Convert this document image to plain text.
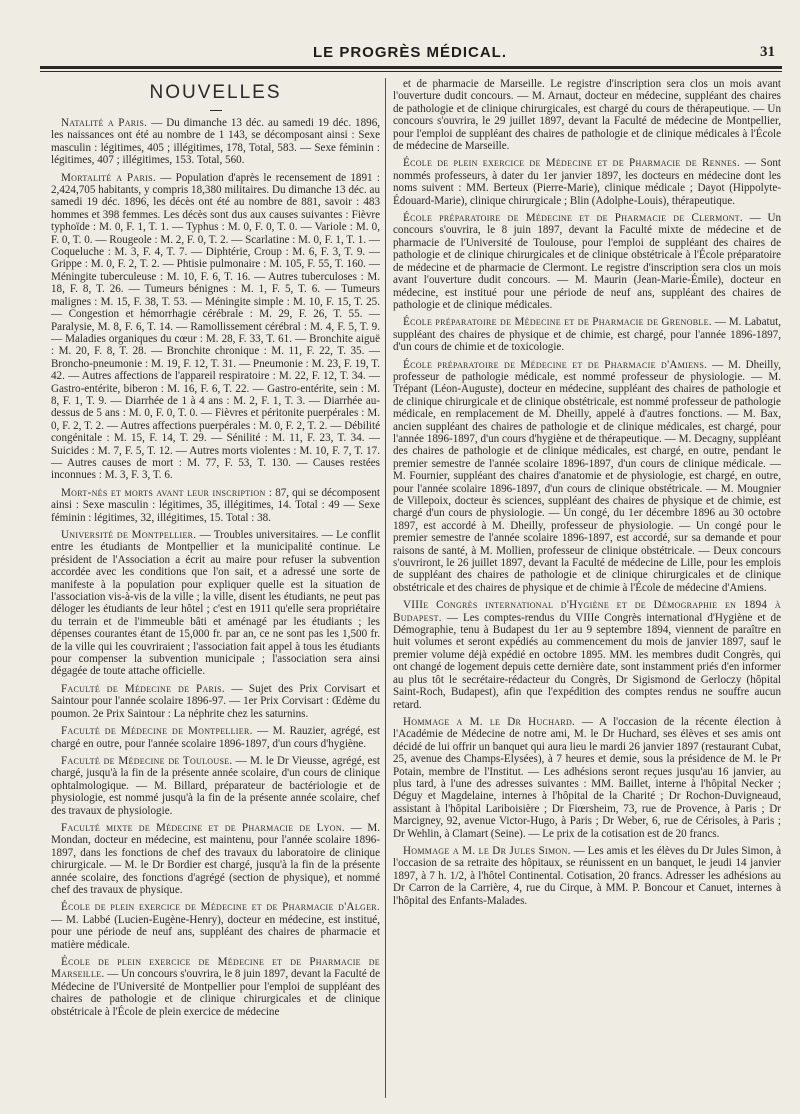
LE PROGRÈS MÉDICAL.	31
NOUVELLES

Natalité a Paris. — Du dimanche 13 déc. au samedi 19 déc. 1896, les naissances ont été au nombre de 1 143, se décomposant ainsi : Sexe masculin : légitimes, 405 ; illégitimes, 178, Total, 583. — Sexe féminin : légitimes, 407 ; illégitimes, 153. Total, 560.

Mortalité a Paris. — Population d'après le recensement de 1891 : 2,424,705 habitants, y compris 18,380 militaires. Du dimanche 13 déc. au samedi 19 déc. 1896, les décès ont été au nombre de 881, savoir : 483 hommes et 398 femmes. Les décès sont dus aux causes suivantes : Fièvre typhoïde : M. 0, F. 1, T. 1. — Typhus : M. 0, F. 0, T. 0. — Variole : M. 0, F. 0, T. 0. — Rougeole : M. 2, F. 0, T. 2. — Scarlatine : M. 0, F. 1, T. 1. — Coqueluche : M. 3, F. 4, T. 7. — Diphtérie, Croup : M. 6, F. 3, T. 9. — Grippe : M. 0, F. 2, T. 2. — Phtisie pulmonaire : M. 105, F. 55, T. 160. — Méningite tuberculeuse : M. 10, F. 6, T. 16. — Autres tuberculoses : M. 18, F. 8, T. 26. — Tumeurs bénignes : M. 1, F. 5, T. 6. — Tumeurs malignes : M. 15, F. 38, T. 53. — Méningite simple : M. 10, F. 15, T. 25. — Congestion et hémorrhagie cérébrale : M. 29, F. 26, T. 55. — Paralysie, M. 8, F. 6, T. 14. — Ramollissement cérébral : M. 4, F. 5, T. 9. — Maladies organiques du cœur : M. 28, F. 33, T. 61. — Bronchite aiguë : M. 20, F. 8, T. 28. — Bronchite chronique : M. 11, F. 22, T. 35. — Broncho-pneumonie : M. 19, F. 12, T. 31. — Pneumonie : M. 23, F. 19, T. 42. — Autres affections de l'appareil respiratoire : M. 22, F. 12, T. 34. — Gastro-entérite, biberon : M. 16, F. 6, T. 22. — Gastro-entérite, sein : M. 8, F. 1, T. 9. — Diarrhée de 1 à 4 ans : M. 2, F. 1, T. 3. — Diarrhée au-dessus de 5 ans : M. 0, F. 0, T. 0. — Fièvres et péritonite puerpérales : M. 0, F. 2, T. 2. — Autres affections puerpérales : M. 0, F. 2, T. 2. — Débilité congénitale : M. 15, F. 14, T. 29. — Sénilité : M. 11, F. 23, T. 34. — Suicides : M. 7, F. 5, T. 12. — Autres morts violentes : M. 10, F. 7, T. 17. — Autres causes de mort : M. 77, F. 53, T. 130. — Causes restées inconnues : M. 3, F. 3, T. 6.

Mort-nés et morts avant leur inscription : 87, qui se décomposent ainsi : Sexe masculin : légitimes, 35, illégitimes, 14. Total : 49 — Sexe féminin : légitimes, 32, illégitimes, 15. Total : 38.

Université de Montpellier. — Troubles universitaires. — Le conflit entre les étudiants de Montpellier et la municipalité continue. Le président de l'Association a écrit au maire pour refuser la subvention accordée avec les conditions que l'on sait, et a adressé une sorte de manifeste à la population pour expliquer quelle est la situation de l'association vis-à-vis de la ville ; la ville, disent les étudiants, ne peut pas déloger les étudiants de leur hôtel ; c'est en 1911 qu'elle sera propriétaire du terrain et de l'immeuble bâti et aménagé par les étudiants ; les dépenses courantes étant de 15,000 fr. par an, ce ne sont pas les 1,500 fr. de la ville qui les couvriraient ; l'association fait appel à tous les étudiants pour compenser la subvention municipale ; l'association sera ainsi dégagée de toute attache officielle.

Faculté de Médecine de Paris. — Sujet des Prix Corvisart et Saintour pour l'année scolaire 1896-97. — 1er Prix Corvisart : Œdème du poumon. 2e Prix Saintour : La néphrite chez les saturnins.

Faculté de Médecine de Montpellier. — M. Rauzier, agrégé, est chargé en outre, pour l'année scolaire 1896-1897, d'un cours d'hygiène.

Faculté de Médecine de Toulouse. — M. le Dr Vieusse, agrégé, est chargé, jusqu'à la fin de la présente année scolaire, d'un cours de clinique ophtalmologique. — M. Billard, préparateur de bactériologie et de physiologie, est nommé jusqu'à la fin de la présente année scolaire, chef des travaux de physiologie.

Faculté mixte de Médecine et de Pharmacie de Lyon. — M. Mondan, docteur en médecine, est maintenu, pour l'année scolaire 1896-1897, dans les fonctions de chef des travaux du laboratoire de clinique chirurgicale. — M. le Dr Bordier est chargé, jusqu'à la fin de la présente année scolaire, des fonctions d'agrégé (section de physique), et nommé chef des travaux de physique.

École de plein exercice de Médecine et de Pharmacie d'Alger. — M. Labbé (Lucien-Eugène-Henry), docteur en médecine, est institué, pour une période de neuf ans, suppléant des chaires de pharmacie et matière médicale.

École de plein exercice de Médecine et de Pharmacie de Marseille. — Un concours s'ouvrira, le 8 juin 1897, devant la Faculté de Médecine de l'Université de Montpellier pour l'emploi de suppléant des chaires de pathologie et de clinique chirurgicales et de clinique obstétricale à l'École de plein exercice de médecine

et de pharmacie de Marseille. Le registre d'inscription sera clos un mois avant l'ouverture dudit concours. — M. Arnaut, docteur en médecine, suppléant des chaires de pathologie et de clinique chirurgicales, est chargé du cours de thérapeutique. — Un concours s'ouvrira, le 29 juillet 1897, devant la Faculté de médecine de Montpellier, pour l'emploi de suppléant des chaires de pathologie et de clinique médicales à l'École de médecine de Marseille.

École de plein exercice de Médecine et de Pharmacie de Rennes. — Sont nommés professeurs, à dater du 1er janvier 1897, les docteurs en médecine dont les noms suivent : MM. Berteux (Pierre-Marie), clinique médicale ; Dayot (Hippolyte-Édouard-Marie), clinique chirurgicale ; Blin (Adolphe-Louis), thérapeutique.

École préparatoire de Médecine et de Pharmacie de Clermont. — Un concours s'ouvrira, le 8 juin 1897, devant la Faculté mixte de médecine et de pharmacie de l'Université de Toulouse, pour l'emploi de suppléant des chaires de pathologie et de clinique chirurgicales et de clinique obstétricale à l'École préparatoire de médecine et de pharmacie de Clermont. Le registre d'inscription sera clos un mois avant l'ouverture dudit concours. — M. Maurin (Jean-Marie-Émile), docteur en médecine, est institué pour une période de neuf ans, suppléant des chaires de pathologie et de clinique médicales.

École préparatoire de Médecine et de Pharmacie de Grenoble. — M. Labatut, suppléant des chaires de physique et de chimie, est chargé, pour l'année 1896-1897, d'un cours de chimie et de toxicologie.

École préparatoire de Médecine et de Pharmacie d'Amiens. — M. Dheilly, professeur de pathologie médicale, est nommé professeur de physiologie. — M. Trépant (Léon-Auguste), docteur en médecine, suppléant des chaires de pathologie et de clinique chirurgicale et de clinique obstétricale, est nommé professeur de pathologie médicale, en remplacement de M. Dheilly, appelé à d'autres fonctions. — M. Bax, ancien suppléant des chaires de pathologie et de clinique médicales, est chargé, pour l'année 1896-1897, d'un cours d'hygiène et de thérapeutique. — M. Decagny, suppléant des chaires de pathologie et de clinique médicales, est chargé, en outre, pendant le premier semestre de l'année scolaire 1896-1897, d'un cours de clinique médicale. — M. Fournier, suppléant des chaires d'anatomie et de physiologie, est chargé, en outre, pour l'année scolaire 1896-1897, d'un cours de clinique obstétricale. — M. Mougnier de Villepoix, docteur ès sciences, suppléant des chaires de physique et de chimie, est chargé d'un cours de physiologie. — Un congé, du 1er décembre 1896 au 30 octobre 1897, est accordé à M. Dheilly, professeur de physiologie. — Un congé pour le premier semestre de l'année scolaire 1896-1897, est accordé, sur sa demande et pour raisons de santé, à M. Mollien, professeur de clinique obstétricale. — Deux concours s'ouvriront, le 26 juillet 1897, devant la Faculté de médecine de Lille, pour les emplois de suppléant des chaires de pathologie et de clinique chirurgicales et de clinique obstétricale et des chaires de physique et de chimie à l'École de médecine d'Amiens.

VIIIe Congrès international d'Hygiène et de Démographie en 1894 à Budapest. — Les comptes-rendus du VIIIe Congrès international d'Hygiène et de Démographie, tenu à Budapest du 1er au 9 septembre 1894, viennent de paraître en huit volumes et seront expédiés au commencement du mois de janvier 1897, sauf le premier volume déjà expédié en octobre 1895. MM. les membres dudit Congrès, qui ont changé de logement depuis cette dernière date, sont instamment priés d'en informer au plus tôt le secrétaire-rédacteur du Congrès, Dr Sigismond de Gerloczy (hôpital Saint-Roch, Budapest), afin que l'expédition des comptes rendus ne souffre aucun retard.

Hommage a M. le Dr Huchard. — A l'occasion de la récente élection à l'Académie de Médecine de notre ami, M. le Dr Huchard, ses élèves et ses amis ont décidé de lui offrir un banquet qui aura lieu le mardi 26 janvier 1897 (restaurant Cubat, 25, avenue des Champs-Elysées), à 7 heures et demie, sous la présidence de M. le Pr Potain, membre de l'Institut. — Les adhésions seront reçues jusqu'au 16 janvier, au plus tard, à l'une des adresses suivantes : MM. Baillet, interne à l'hôpital Necker ; Déguy et Magdelaine, internes à l'hôpital de la Charité ; Dr Rochon-Duvigneaud, assistant à l'hôpital Lariboisière ; Dr Fiœrsheim, 73, rue de Provence, à Paris ; Dr Marcigney, 92, avenue Victor-Hugo, à Paris ; Dr Weber, 6, rue de Cérisoles, à Paris ; Dr Wehlin, à Clamart (Seine). — Le prix de la cotisation est de 20 francs.

Hommage a M. le Dr Jules Simon. — Les amis et les élèves du Dr Jules Simon, à l'occasion de sa retraite des hôpitaux, se réunissent en un banquet, le jeudi 14 janvier 1897, à 7 h. 1/2, à l'hôtel Continental. Cotisation, 20 francs. Adresser les adhésions au Dr Carron de la Carrière, 4, rue du Cirque, à MM. P. Boncour et Canuet, internes à l'hôpital des Enfants-Malades.
